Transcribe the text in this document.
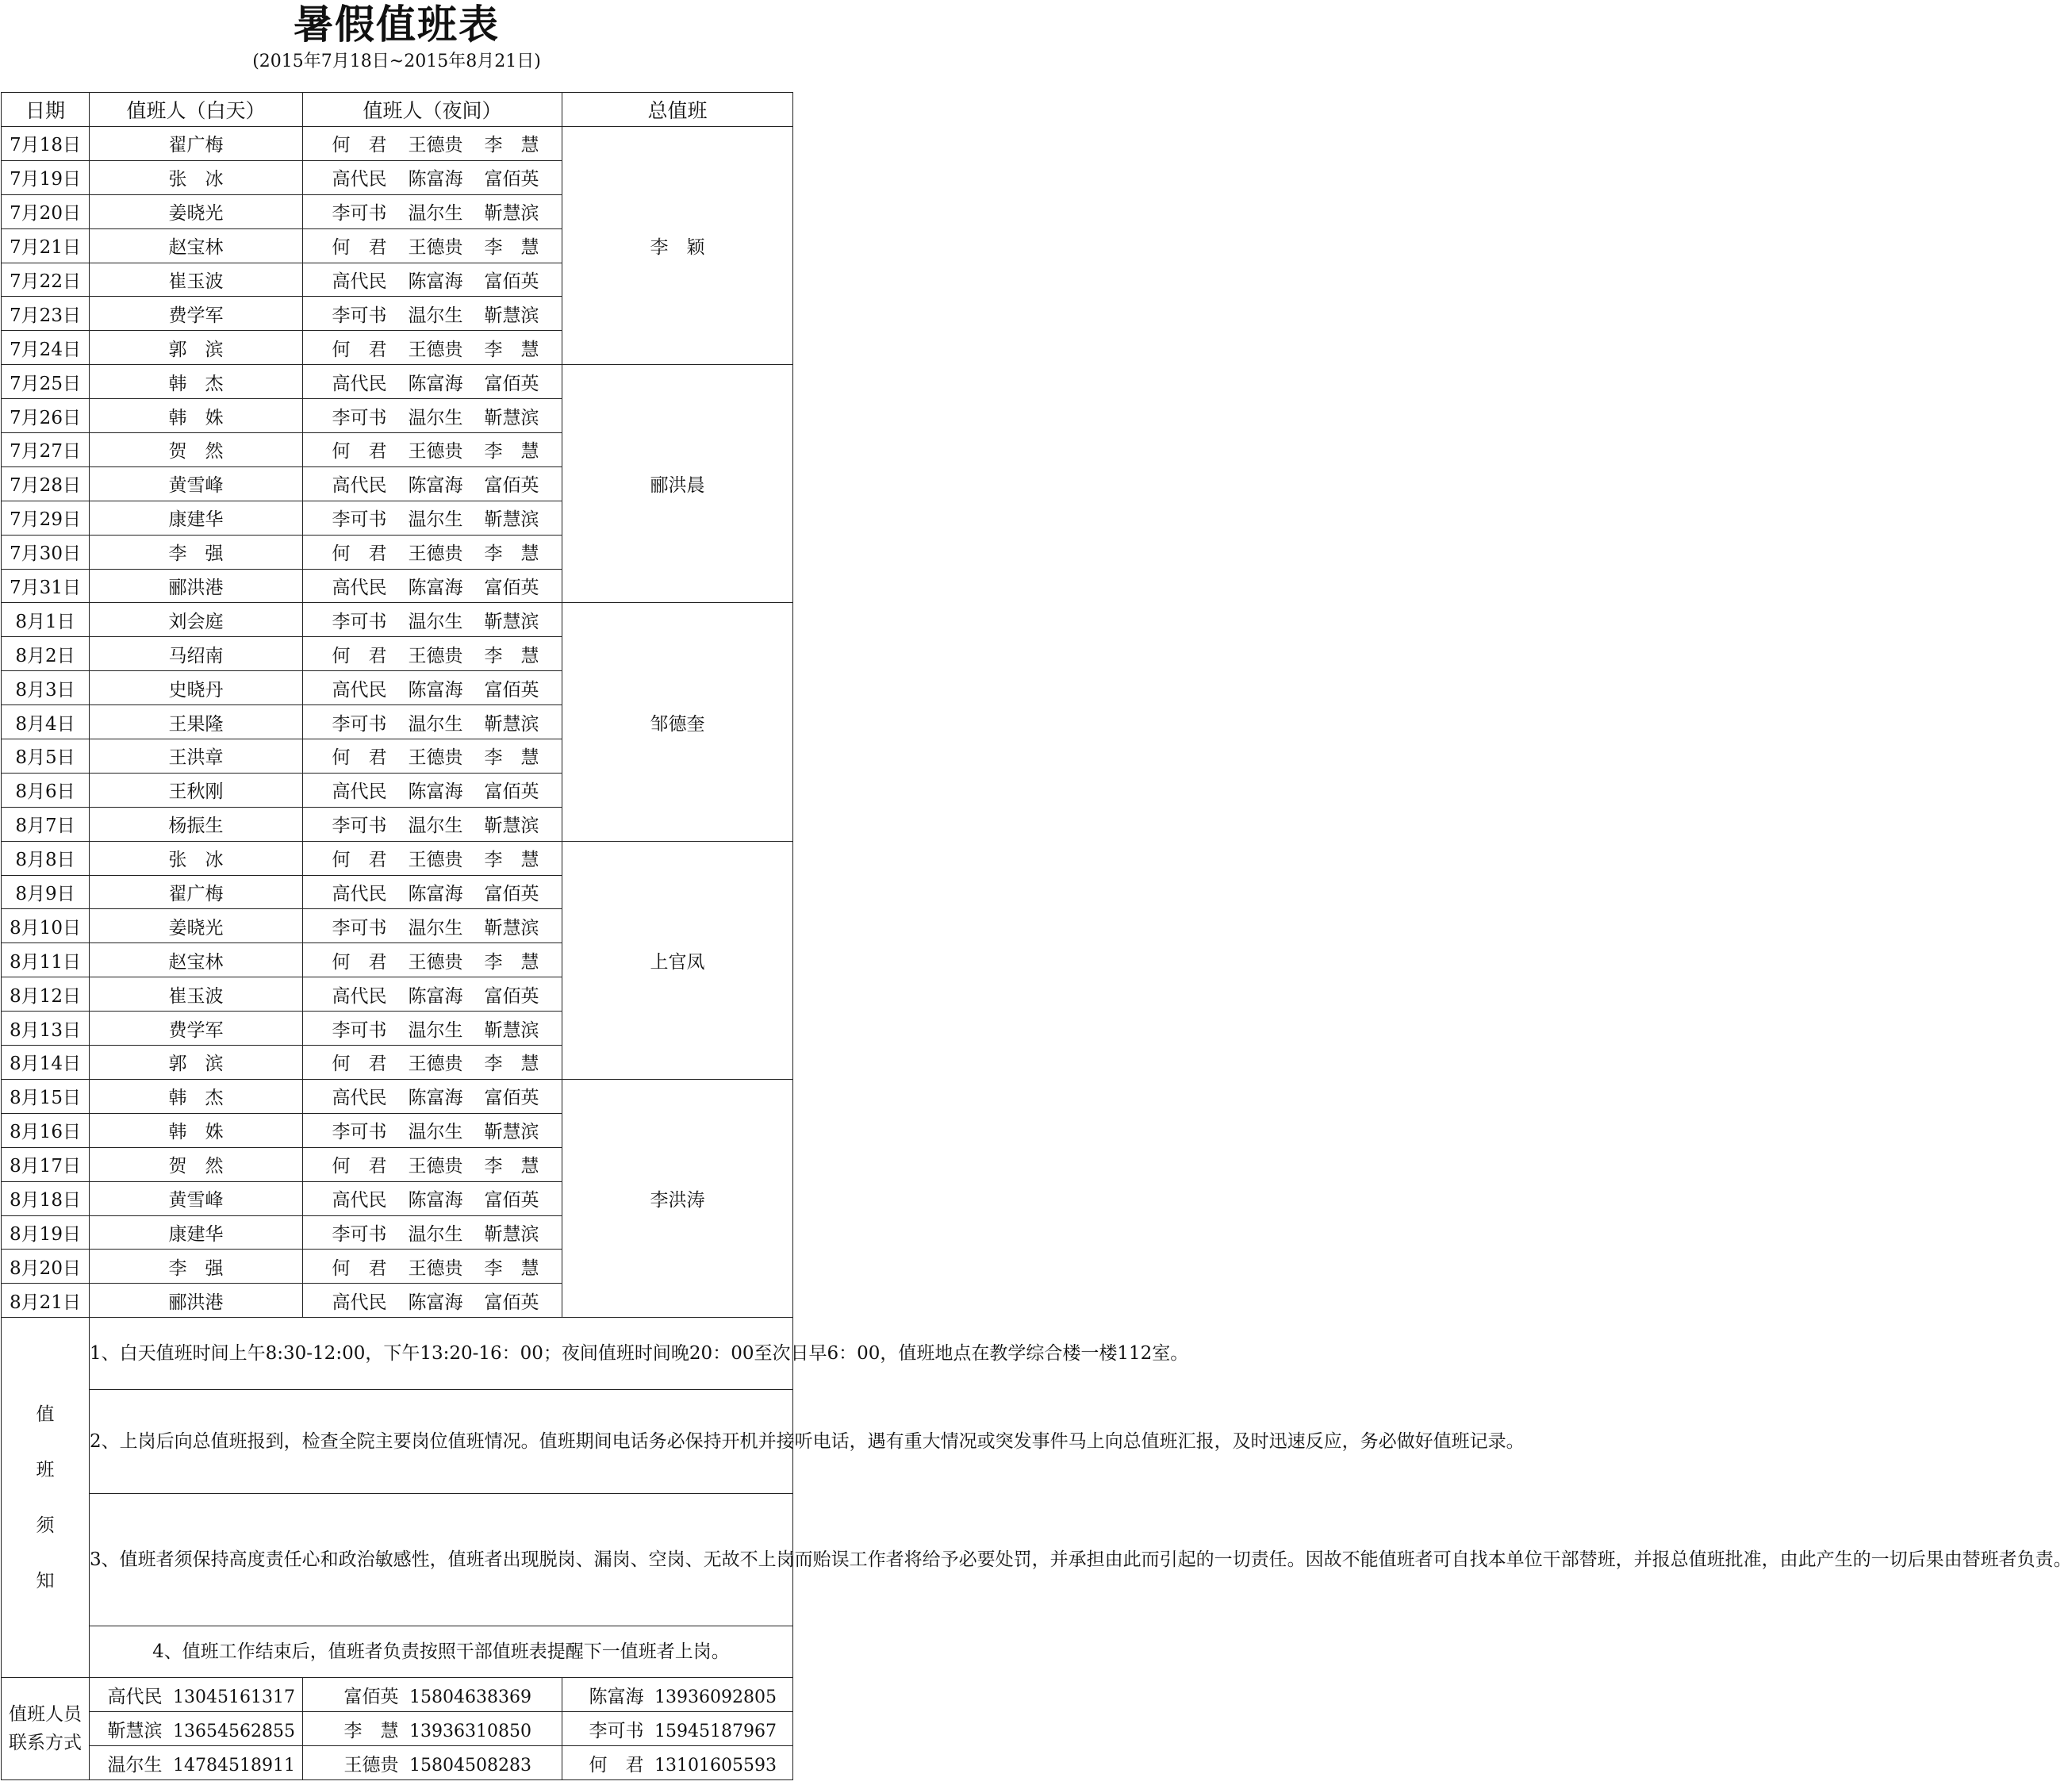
暑假值班表
(2015年7月18日~2015年8月21日)
日期	值班人（白天）	值班人（夜间）	总值班
7月18日	翟广梅	何　君 王德贵 李　慧	李　颖
7月19日	张　冰	高代民 陈富海 富佰英	
7月20日	姜晓光	李可书 温尔生 靳慧滨	
7月21日	赵宝林	何　君 王德贵 李　慧	
7月22日	崔玉波	高代民 陈富海 富佰英	
7月23日	费学军	李可书 温尔生 靳慧滨	
7月24日	郭　滨	何　君 王德贵 李　慧	
7月25日	韩　杰	高代民 陈富海 富佰英	郦洪晨
7月26日	韩　姝	李可书 温尔生 靳慧滨	
7月27日	贺　然	何　君 王德贵 李　慧	
7月28日	黄雪峰	高代民 陈富海 富佰英	
7月29日	康建华	李可书 温尔生 靳慧滨	
7月30日	李　强	何　君 王德贵 李　慧	
7月31日	郦洪港	高代民 陈富海 富佰英	
8月1日	刘会庭	李可书 温尔生 靳慧滨	邹德奎
8月2日	马绍南	何　君 王德贵 李　慧	
8月3日	史晓丹	高代民 陈富海 富佰英	
8月4日	王果隆	李可书 温尔生 靳慧滨	
8月5日	王洪章	何　君 王德贵 李　慧	
8月6日	王秋刚	高代民 陈富海 富佰英	
8月7日	杨振生	李可书 温尔生 靳慧滨	
8月8日	张　冰	何　君 王德贵 李　慧	上官凤
8月9日	翟广梅	高代民 陈富海 富佰英	
8月10日	姜晓光	李可书 温尔生 靳慧滨	
8月11日	赵宝林	何　君 王德贵 李　慧	
8月12日	崔玉波	高代民 陈富海 富佰英	
8月13日	费学军	李可书 温尔生 靳慧滨	
8月14日	郭　滨	何　君 王德贵 李　慧	
8月15日	韩　杰	高代民 陈富海 富佰英	李洪涛
8月16日	韩　姝	李可书 温尔生 靳慧滨	
8月17日	贺　然	何　君 王德贵 李　慧	
8月18日	黄雪峰	高代民 陈富海 富佰英	
8月19日	康建华	李可书 温尔生 靳慧滨	
8月20日	李　强	何　君 王德贵 李　慧	
8月21日	郦洪港	高代民 陈富海 富佰英	

值
班
须
知	1、白天值班时间上午8:30-12:00，下午13:20-16：00；夜间值班时间晚20：00至次日早6：00，值班地点在教学综合楼一楼112室。		
	2、上岗后向总值班报到，检查全院主要岗位值班情况。值班期间电话务必保持开机并接听电话，遇有重大情况或突发事件马上向总值班汇报，及时迅速反应，务必做好值班记录。		
	3、值班者须保持高度责任心和政治敏感性，值班者出现脱岗、漏岗、空岗、无故不上岗而贻误工作者将给予必要处罚，并承担由此而引起的一切责任。因故不能值班者可自找本单位干部替班，并报总值班批准，由此产生的一切后果由替班者负责。		
	4、值班工作结束后，值班者负责按照干部值班表提醒下一值班者上岗。		
值班人员
联系方式	高代民 13045161317	富佰英 15804638369	陈富海 13936092805
	靳慧滨 13654562855	李　慧 13936310850	李可书 15945187967
	温尔生 14784518911	王德贵 15804508283	何　君 13101605593
